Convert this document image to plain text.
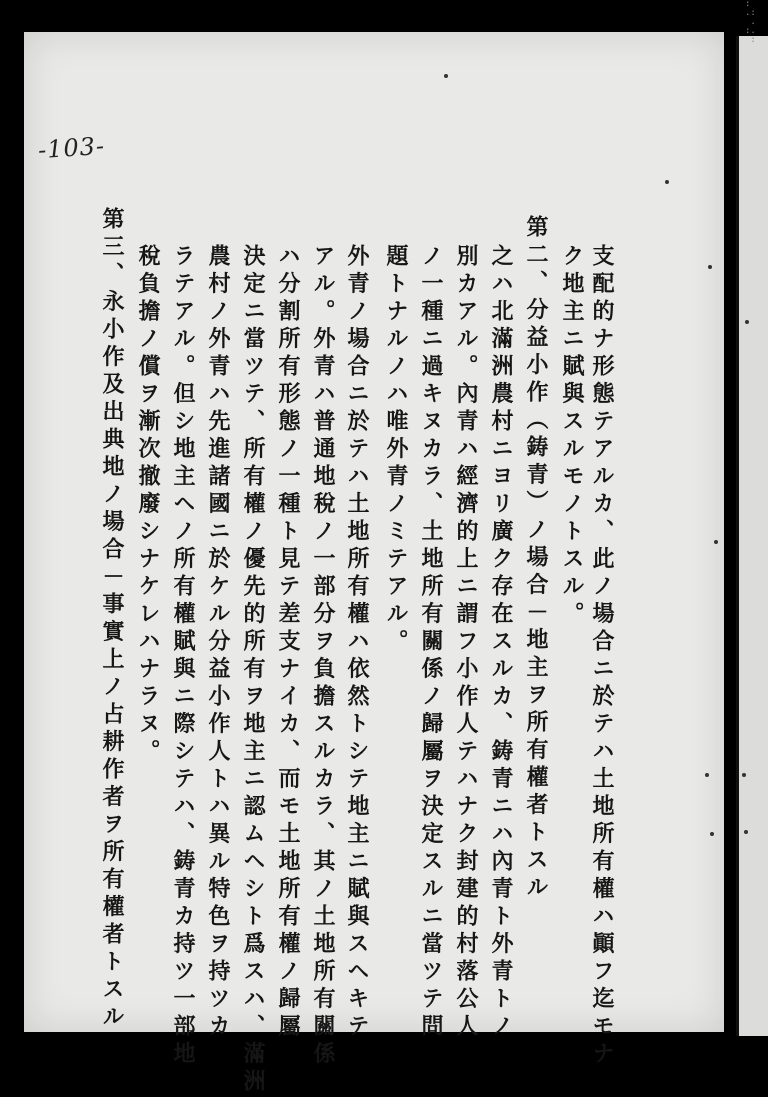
:
.:
.
:.
:
-103-
支配的ナ形態テアルカ、此ノ場合ニ於テハ土地所有權ハ顚フ迄モナ
ク地主ニ賦與スルモノトスル。
第二、分益小作（鋳青）ノ場合－地主ヲ所有權者トスル
之ハ北滿洲農村ニヨリ廣ク存在スルカ、鋳青ニハ內青ト外青トノ
別カアル。內青ハ經濟的上ニ謂フ小作人テハナク封建的村落公人
ノ一種ニ過キヌカラ、土地所有關係ノ歸屬ヲ決定スルニ當ツテ問
題トナルノハ唯外青ノミテアル。
外青ノ場合ニ於テハ土地所有權ハ依然トシテ地主ニ賦與スヘキテ
アル。外青ハ普通地稅ノ一部分ヲ負擔スルカラ、其ノ土地所有關係
ハ分割所有形態ノ一種ト見テ差支ナイカ、而モ土地所有權ノ歸屬
決定ニ當ツテ、所有權ノ優先的所有ヲ地主ニ認ムヘシト爲スハ、滿洲
農村ノ外青ハ先進諸國ニ於ケル分益小作人トハ異ル特色ヲ持ツカ
ラテアル。但シ地主ヘノ所有權賦與ニ際シテハ、鋳青カ持ツ一部地
稅負擔ノ償ヲ漸次撤廢シナケレハナラヌ。
第三、永小作及出典地ノ場合－事實上ノ占耕作者ヲ所有權者トスル
